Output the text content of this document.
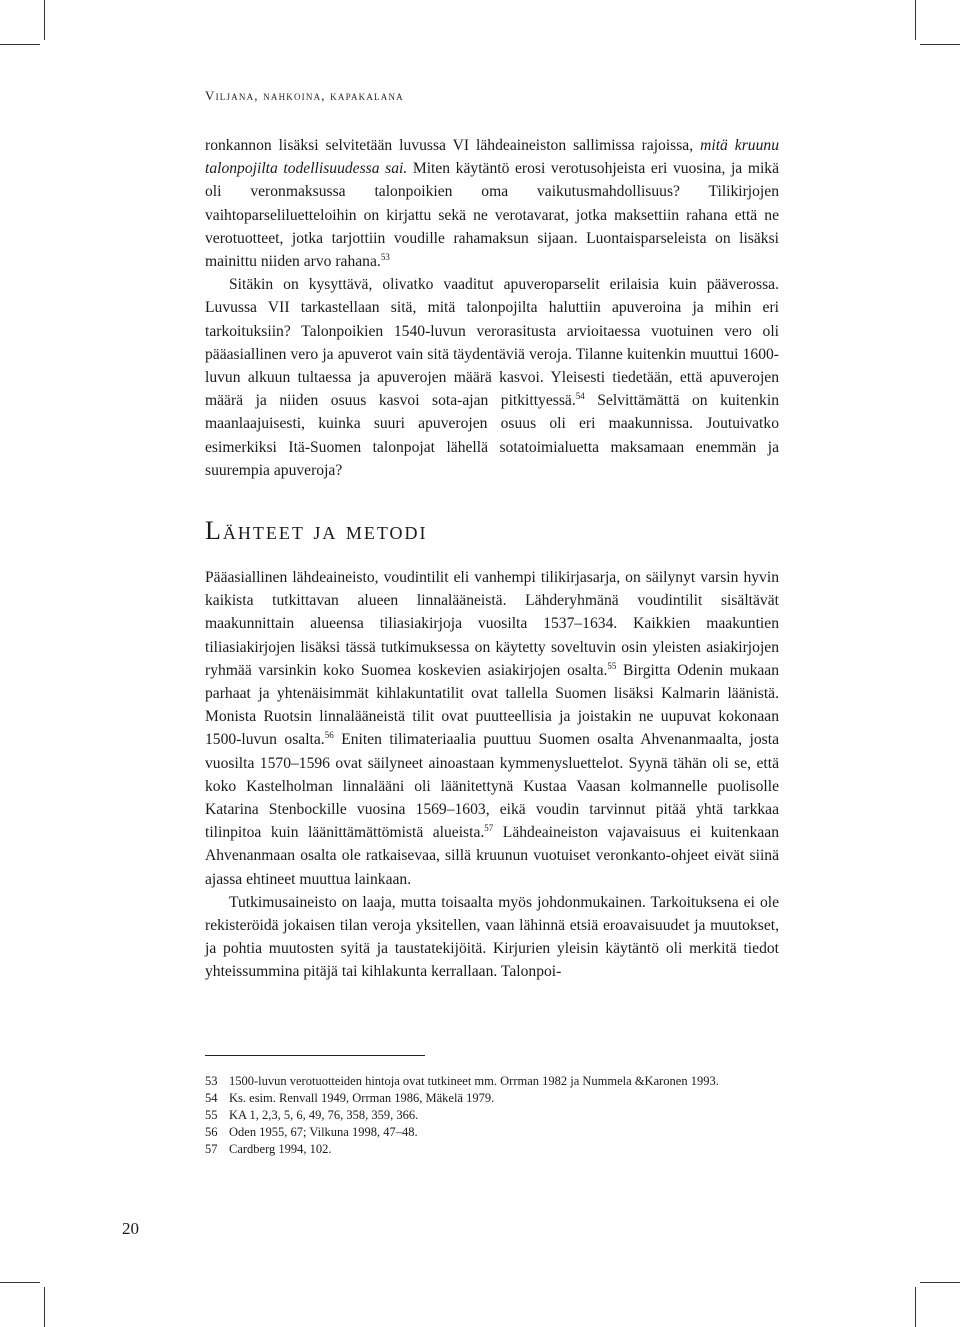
Viljana, nahkoina, kapakalana

ronkannon lisäksi selvitetään luvussa VI lähdeaineiston sallimissa rajoissa, mitä kruunu talonpojilta todellisuudessa sai. Miten käytäntö erosi verotusohjeista eri vuosina, ja mikä oli veronmaksussa talonpoikien oma vaikutusmahdollisuus? Tilikirjojen vaihtoparseliluetteloihin on kirjattu sekä ne verotavarat, jotka maksettiin rahana että ne verotuotteet, jotka tarjottiin voudille rahamaksun sijaan. Luontaisparseleista on lisäksi mainittu niiden arvo rahana.$^{53}$

Sitäkin on kysyttävä, olivatko vaaditut apuveroparselit erilaisia kuin pääverossa. Luvussa VII tarkastellaan sitä, mitä talonpojilta haluttiin apuveroina ja mihin eri tarkoituksiin? Talonpoikien 1540-luvun verorasitusta arvioitaessa vuotuinen vero oli pääasiallinen vero ja apuverot vain sitä täydentäviä veroja. Tilanne kuitenkin muuttui 1600-luvun alkuun tultaessa ja apuverojen määrä kasvoi. Yleisesti tiedetään, että apuverojen määrä ja niiden osuus kasvoi sota-ajan pitkittyessä.$^{54}$ Selvittämättä on kuitenkin maanlaajuisesti, kuinka suuri apuverojen osuus oli eri maakunnissa. Joutuivatko esimerkiksi Itä-Suomen talonpojat lähellä sotatoimialuetta maksamaan enemmän ja suurempia apuveroja?

Lähteet ja metodi

Pääasiallinen lähdeaineisto, voudintilit eli vanhempi tilikirjasarja, on säilynyt varsin hyvin kaikista tutkittavan alueen linnalääneistä. Lähderyhmänä voudintilit sisältävät maakunnittain alueensa tiliasiakirjoja vuosilta 1537–1634. Kaikkien maakuntien tiliasiakirjojen lisäksi tässä tutkimuksessa on käytetty soveltuvin osin yleisten asiakirjojen ryhmää varsinkin koko Suomea koskevien asiakirjojen osalta.$^{55}$ Birgitta Odenin mukaan parhaat ja yhtenäisimmät kihlakuntatilit ovat tallella Suomen lisäksi Kalmarin läänistä. Monista Ruotsin linnalääneistä tilit ovat puutteellisia ja joistakin ne uupuvat kokonaan 1500-luvun osalta.$^{56}$ Eniten tilimateriaalia puuttuu Suomen osalta Ahvenanmaalta, josta vuosilta 1570–1596 ovat säilyneet ainoastaan kymmenysluettelot. Syynä tähän oli se, että koko Kastelholman linnalääni oli läänitettynä Kustaa Vaasan kolmannelle puolisolle Katarina Stenbockille vuosina 1569–1603, eikä voudin tarvinnut pitää yhtä tarkkaa tilinpitoa kuin läänittämättömistä alueista.$^{57}$ Lähdeaineiston vajavaisuus ei kuitenkaan Ahvenanmaan osalta ole ratkaisevaa, sillä kruunun vuotuiset veronkanto-ohjeet eivät siinä ajassa ehtineet muuttua lainkaan.

Tutkimusaineisto on laaja, mutta toisaalta myös johdonmukainen. Tarkoituksena ei ole rekisteröidä jokaisen tilan veroja yksitellen, vaan lähinnä etsiä eroavaisuudet ja muutokset, ja pohtia muutosten syitä ja taustatekijöitä. Kirjurien yleisin käytäntö oli merkitä tiedot yhteissummina pitäjä tai kihlakunta kerrallaan. Talonpoi-

53 1500-luvun verotuotteiden hintoja ovat tutkineet mm. Orrman 1982 ja Nummela &Karonen 1993.
54 Ks. esim. Renvall 1949, Orrman 1986, Mäkelä 1979.
55 KA 1, 2,3, 5, 6, 49, 76, 358, 359, 366.
56 Oden 1955, 67; Vilkuna 1998, 47–48.
57 Cardberg 1994, 102.
20
